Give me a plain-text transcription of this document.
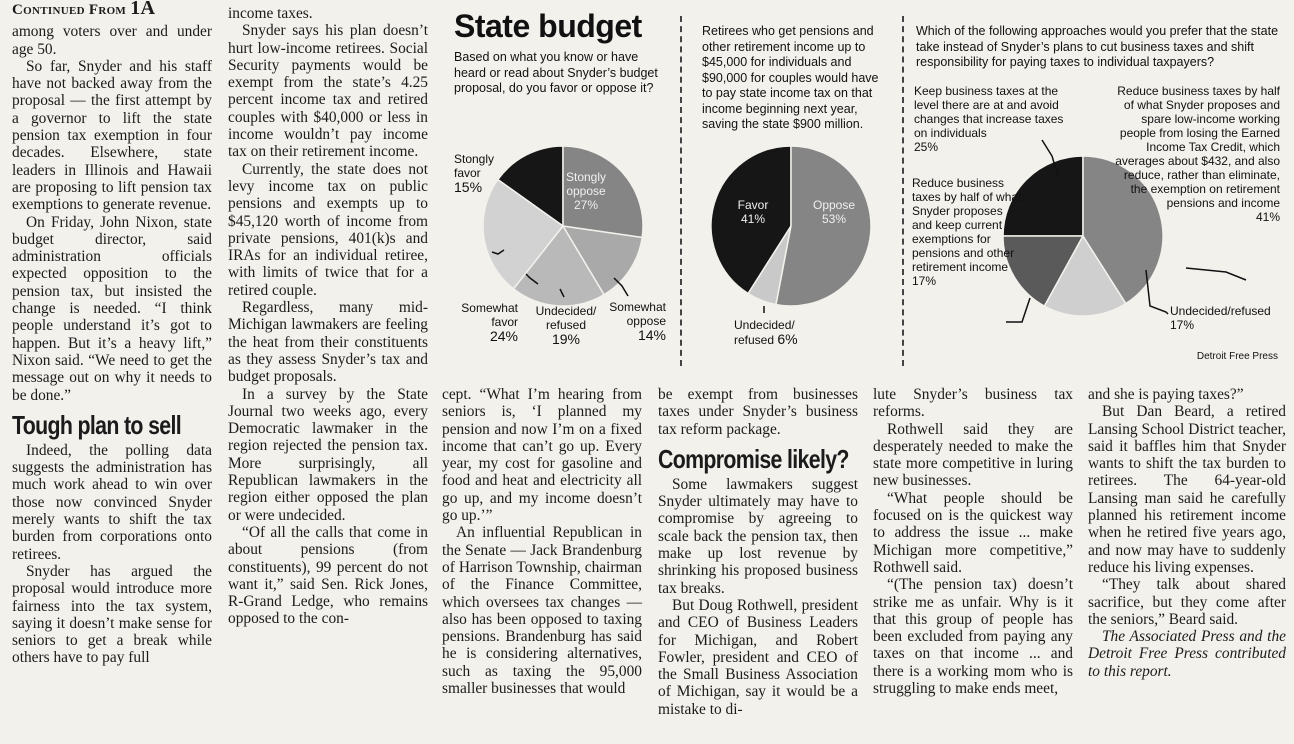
Continued From 1A

among voters over and under age 50.

So far, Snyder and his staff have not backed away from the proposal — the first attempt by a governor to lift the state pension tax exemption in four decades. Elsewhere, state leaders in Illinois and Hawaii are proposing to lift pension tax exemptions to generate revenue.

On Friday, John Nixon, state budget director, said administration officials expected opposition to the pension tax, but insisted the change is needed. “I think people understand it’s got to happen. But it’s a heavy lift,” Nixon said. “We need to get the message out on why it needs to be done.”

Tough plan to sell

Indeed, the polling data suggests the administration has much work ahead to win over those now convinced Snyder merely wants to shift the tax burden from corporations onto retirees.

Snyder has argued the proposal would introduce more fairness into the tax system, saying it doesn’t make sense for seniors to get a break while others have to pay full

income taxes.

Snyder says his plan doesn’t hurt low-income retirees. Social Security payments would be exempt from the state’s 4.25 percent income tax and retired couples with $40,000 or less in income wouldn’t pay income tax on their retirement income.

Currently, the state does not levy income tax on public pensions and exempts up to $45,120 worth of income from private pensions, 401(k)s and IRAs for an individual retiree, with limits of twice that for a retired couple.

Regardless, many mid-Michigan lawmakers are feeling the heat from their constituents as they assess Snyder’s tax and budget proposals.

In a survey by the State Journal two weeks ago, every Democratic lawmaker in the region rejected the pension tax. More surprisingly, all Republican lawmakers in the region either opposed the plan or were undecided.

“Of all the calls that come in about pensions (from constituents), 99 percent do not want it,” said Sen. Rick Jones, R-Grand Ledge, who remains opposed to the con-

cept. “What I’m hearing from seniors is, ‘I planned my pension and now I’m on a fixed income that can’t go up. Every year, my cost for gasoline and food and heat and electricity all go up, and my income doesn’t go up.’”

An influential Republican in the Senate — Jack Brandenburg of Harrison Township, chairman of the Finance Committee, which oversees tax changes — also has been opposed to taxing pensions. Brandenburg has said he is considering alternatives, such as taxing the 95,000 smaller businesses that would

be exempt from businesses taxes under Snyder’s business tax reform package.

Compromise likely?

Some lawmakers suggest Snyder ultimately may have to compromise by agreeing to scale back the pension tax, then make up lost revenue by shrinking his proposed business tax breaks.

But Doug Rothwell, president and CEO of Business Leaders for Michigan, and Robert Fowler, president and CEO of the Small Business Association of Michigan, say it would be a mistake to di-

lute Snyder’s business tax reforms.

Rothwell said they are desperately needed to make the state more competitive in luring new businesses.

“What people should be focused on is the quickest way to address the issue ... make Michigan more competitive,” Rothwell said.

“(The pension tax) doesn’t strike me as unfair. Why is it that this group of people has been excluded from paying any taxes on that income ... and there is a working mom who is struggling to make ends meet,

and she is paying taxes?”

But Dan Beard, a retired Lansing School District teacher, said it baffles him that Snyder wants to shift the tax burden to retirees. The 64-year-old Lansing man said he carefully planned his retirement income when he retired five years ago, and now may have to suddenly reduce his living expenses.

“They talk about shared sacrifice, but they come after the seniors,” Beard said.

The Associated Press and the Detroit Free Press contributed to this report.

State budget
Based on what you know or have heard or read about Snyder’s budget proposal, do you favor or oppose it?
Retirees who get pensions and other retirement income up to $45,000 for individuals and $90,000 for couples would have to pay state income tax on that income beginning next year, saving the state $900 million.
Which of the following approaches would you prefer that the state take instead of Snyder’s plans to cut business taxes and shift responsibility for paying taxes to individual taxpayers?
Stongly favor
15%
Stongly oppose
27%
Somewhat favor
24%
Undecided/ refused
19%
Somewhat oppose
14%
Favor
41%
Oppose
53%
Undecided/ refused 6%
Keep business taxes at the level there are at and avoid changes that increase taxes on individuals
25%
Reduce business taxes by half of what Snyder proposes and keep current exemptions for pensions and other retirement income
17%
Reduce business taxes by half of what Snyder proposes and spare low-income working people from losing the Earned Income Tax Credit, which averages about $432, and also reduce, rather than eliminate, the exemption on retirement pensions and income
41%
Undecided/refused
17%
Detroit Free Press
